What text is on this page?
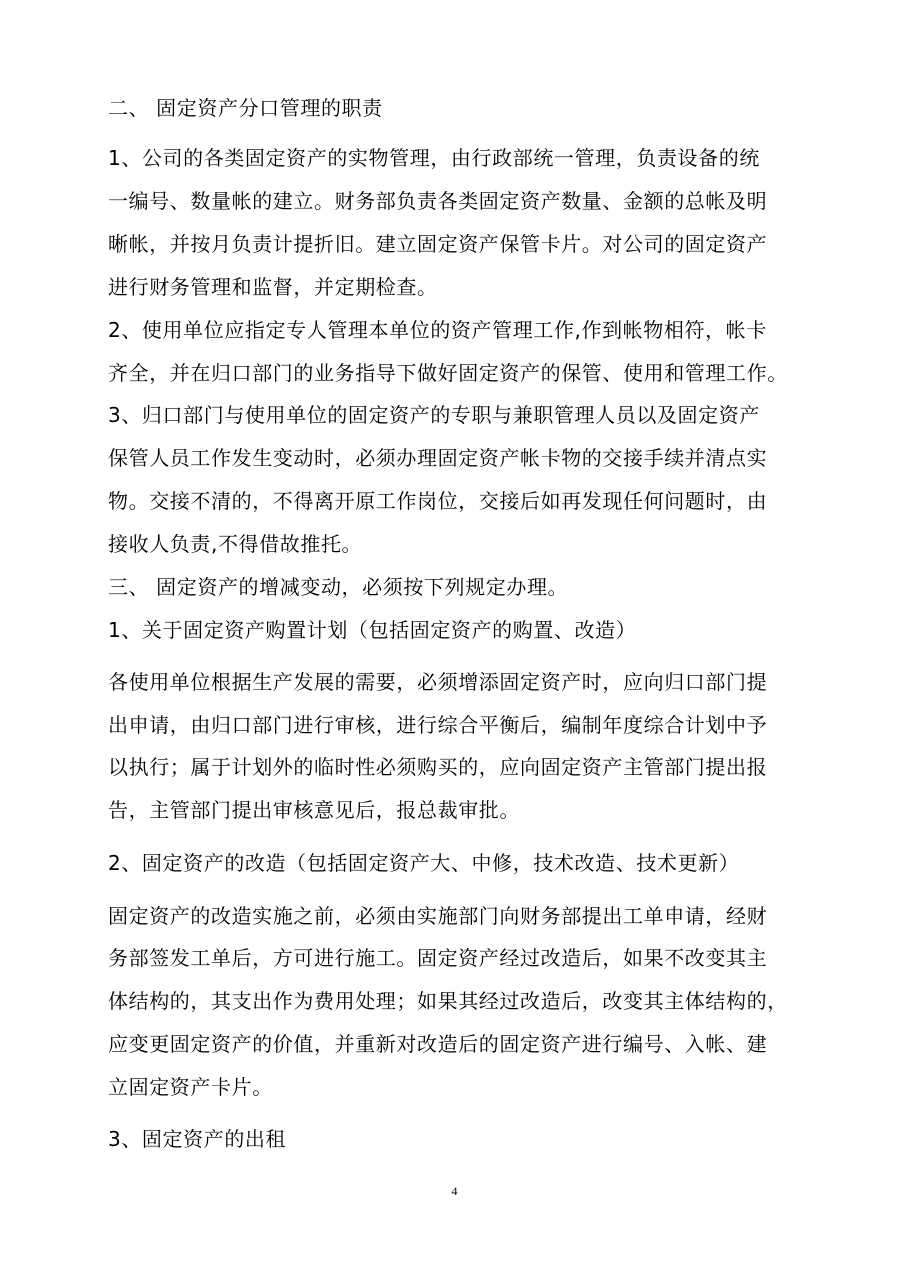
二、 固定资产分口管理的职责
1、公司的各类固定资产的实物管理，由行政部统一管理，负责设备的统
一编号、数量帐的建立。财务部负责各类固定资产数量、金额的总帐及明
晰帐，并按月负责计提折旧。建立固定资产保管卡片。对公司的固定资产
进行财务管理和监督，并定期检查。
2、使用单位应指定专人管理本单位的资产管理工作,作到帐物相符，帐卡
齐全，并在归口部门的业务指导下做好固定资产的保管、使用和管理工作。
3、归口部门与使用单位的固定资产的专职与兼职管理人员以及固定资产
保管人员工作发生变动时，必须办理固定资产帐卡物的交接手续并清点实
物。交接不清的，不得离开原工作岗位，交接后如再发现任何问题时，由
接收人负责,不得借故推托。
三、 固定资产的增减变动，必须按下列规定办理。
1、关于固定资产购置计划（包括固定资产的购置、改造）
各使用单位根据生产发展的需要，必须增添固定资产时，应向归口部门提
出申请，由归口部门进行审核，进行综合平衡后，编制年度综合计划中予
以执行；属于计划外的临时性必须购买的，应向固定资产主管部门提出报
告，主管部门提出审核意见后，报总裁审批。
2、固定资产的改造（包括固定资产大、中修，技术改造、技术更新）
固定资产的改造实施之前，必须由实施部门向财务部提出工单申请，经财
务部签发工单后，方可进行施工。固定资产经过改造后，如果不改变其主
体结构的，其支出作为费用处理；如果其经过改造后，改变其主体结构的，
应变更固定资产的价值，并重新对改造后的固定资产进行编号、入帐、建
立固定资产卡片。
3、固定资产的出租
4
